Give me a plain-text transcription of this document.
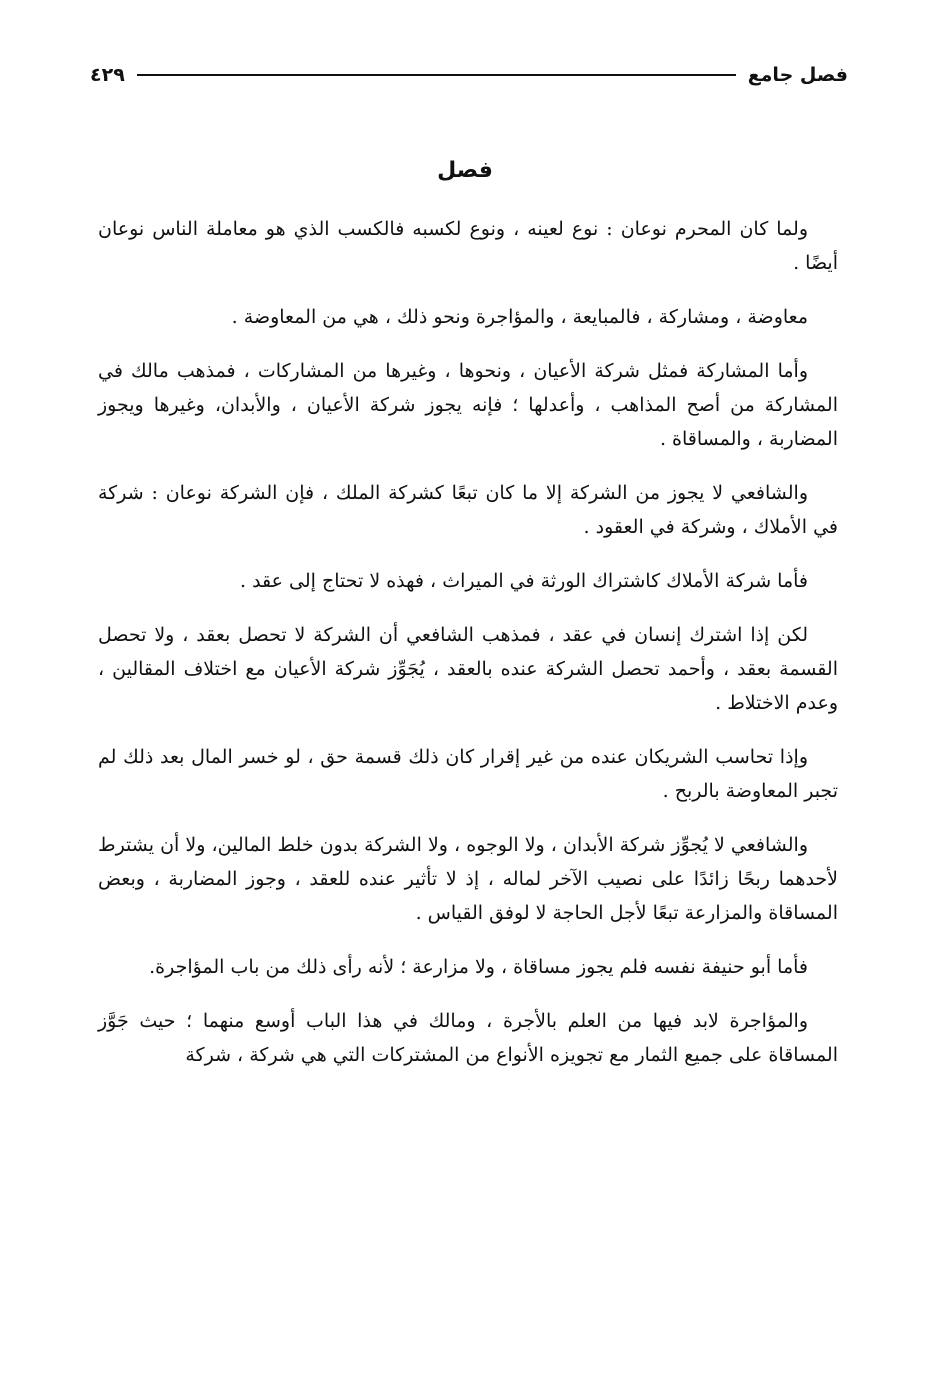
فصل جامع
٤٢٩
فصل

ولما كان المحرم نوعان : نوع لعينه ، ونوع لكسبه فالكسب الذي هو معاملة الناس نوعان أيضًا .

معاوضة ، ومشاركة ، فالمبايعة ، والمؤاجرة ونحو ذلك ، هي من المعاوضة .

وأما المشاركة فمثل شركة الأعيان ، ونحوها ، وغيرها من المشاركات ، فمذهب مالك في المشاركة من أصح المذاهب ، وأعدلها ؛ فإنه يجوز شركة الأعيان ، والأبدان، وغيرها ويجوز المضاربة ، والمساقاة .

والشافعي لا يجوز من الشركة إلا ما كان تبعًا كشركة الملك ، فإن الشركة نوعان : شركة في الأملاك ، وشركة في العقود .

فأما شركة الأملاك كاشتراك الورثة في الميراث ، فهذه لا تحتاج إلى عقد .

لكن إذا اشترك إنسان في عقد ، فمذهب الشافعي أن الشركة لا تحصل بعقد ، ولا تحصل القسمة بعقد ، وأحمد تحصل الشركة عنده بالعقد ، يُجَوِّز شركة الأعيان مع اختلاف المقالين ، وعدم الاختلاط .

وإذا تحاسب الشريكان عنده من غير إقرار كان ذلك قسمة حق ، لو خسر المال بعد ذلك لم تجبر المعاوضة بالربح .

والشافعي لا يُجوِّز شركة الأبدان ، ولا الوجوه ، ولا الشركة بدون خلط المالين، ولا أن يشترط لأحدهما ربحًا زائدًا على نصيب الآخر لماله ، إذ لا تأثير عنده للعقد ، وجوز المضاربة ، وبعض المساقاة والمزارعة تبعًا لأجل الحاجة لا لوفق القياس .

فأما أبو حنيفة نفسه فلم يجوز مساقاة ، ولا مزارعة ؛ لأنه رأى ذلك من باب المؤاجرة.

والمؤاجرة لابد فيها من العلم بالأجرة ، ومالك في هذا الباب أوسع منهما ؛ حيث جَوَّز المساقاة على جميع الثمار مع تجويزه الأنواع من المشتركات التي هي شركة ، شركة
